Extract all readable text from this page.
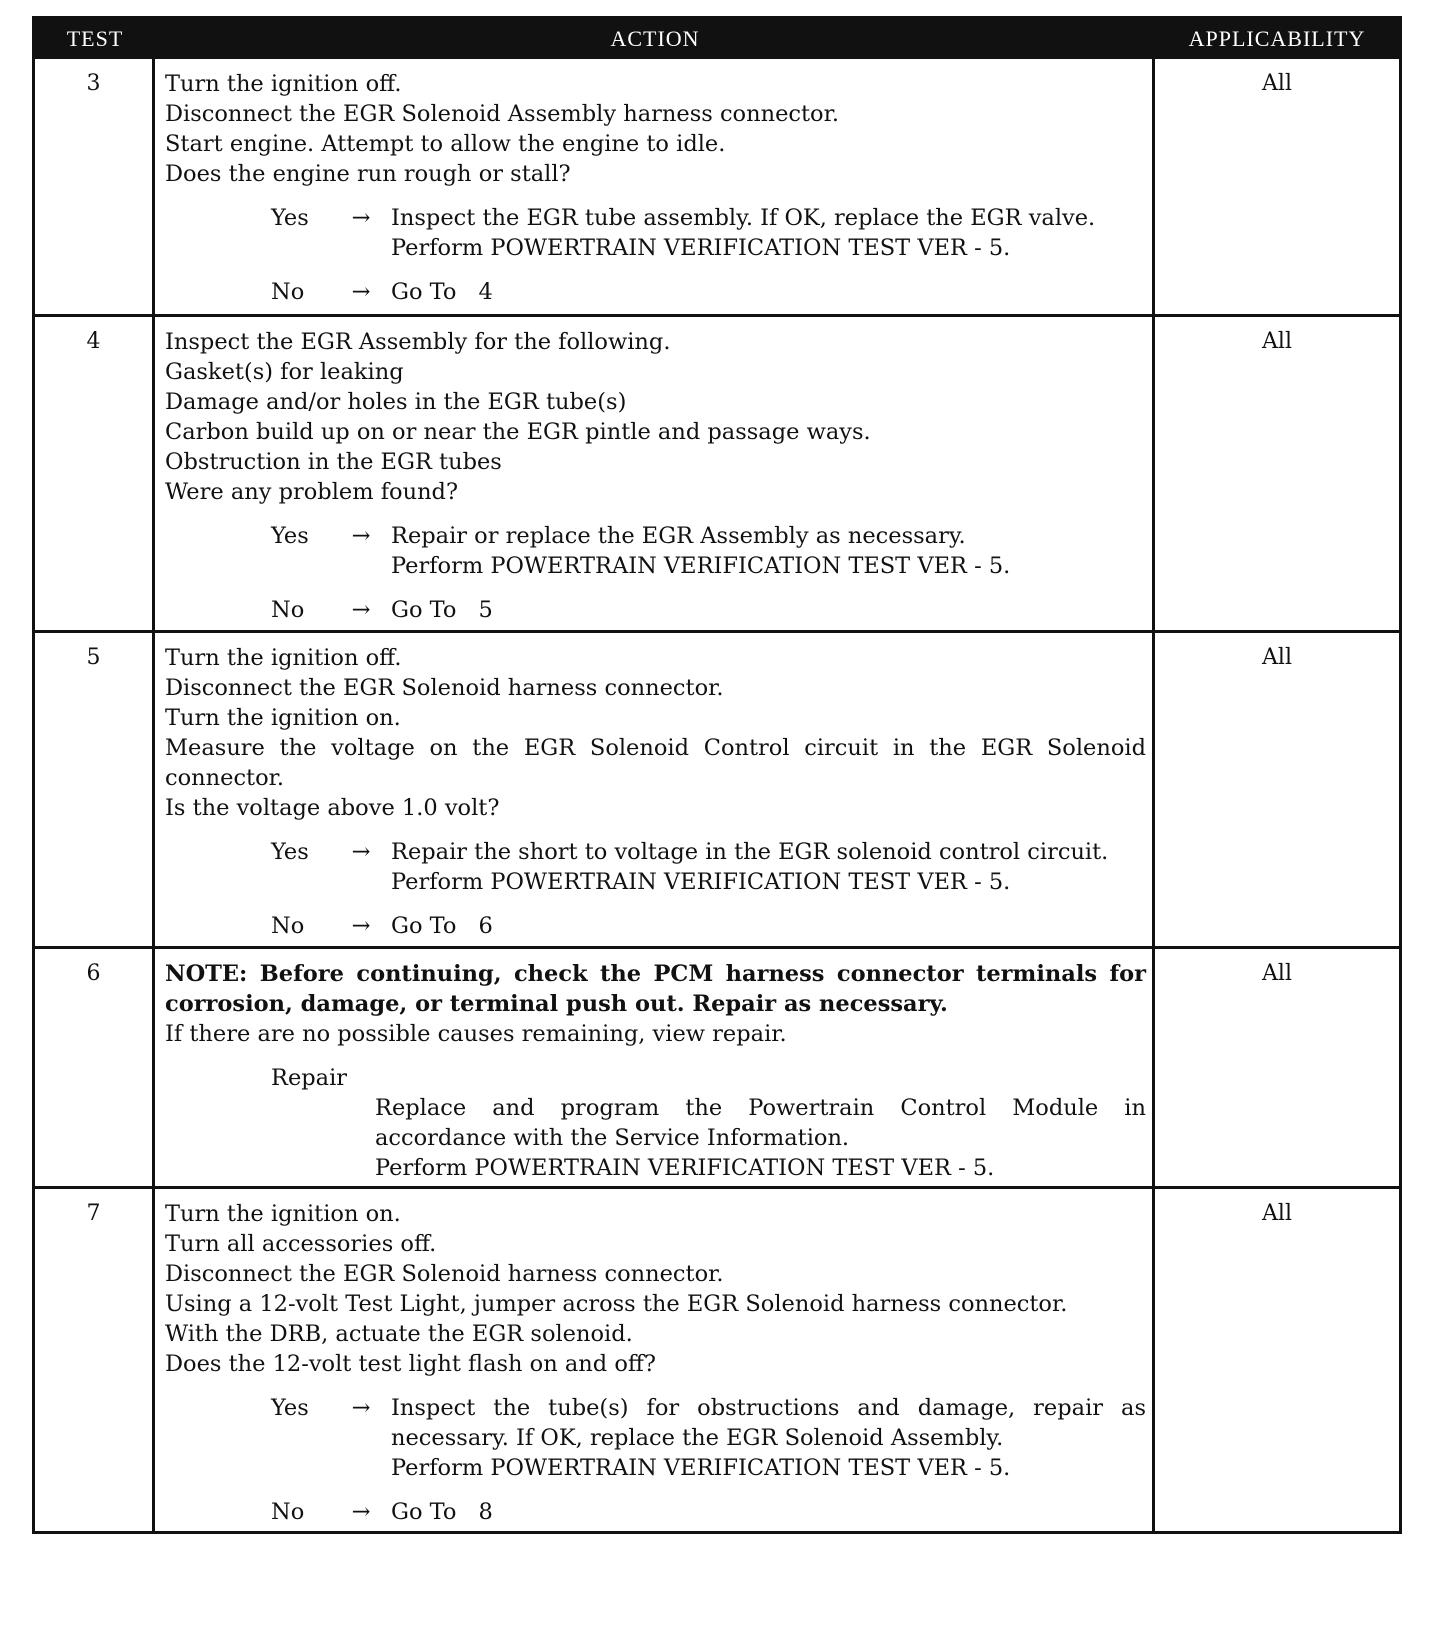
TEST	ACTION	APPLICABILITY
3	Turn the ignition off.
Disconnect the EGR Solenoid Assembly harness connector.
Start engine. Attempt to allow the engine to idle.
Does the engine run rough or stall?
Yes	→ Inspect the EGR tube assembly. If OK, replace the EGR valve.
Perform POWERTRAIN VERIFICATION TEST VER - 5.
No	→ Go To 4
All
4	Inspect the EGR Assembly for the following.
Gasket(s) for leaking
Damage and/or holes in the EGR tube(s)
Carbon build up on or near the EGR pintle and passage ways.
Obstruction in the EGR tubes
Were any problem found?
Yes	→ Repair or replace the EGR Assembly as necessary.
Perform POWERTRAIN VERIFICATION TEST VER - 5.
No	→ Go To 5
All
5	Turn the ignition off.
Disconnect the EGR Solenoid harness connector.
Turn the ignition on.
Measure the voltage on the EGR Solenoid Control circuit in the EGR Solenoid connector.
Is the voltage above 1.0 volt?
Yes	→ Repair the short to voltage in the EGR solenoid control circuit.
Perform POWERTRAIN VERIFICATION TEST VER - 5.
No	→ Go To 6
All
6	NOTE: Before continuing, check the PCM harness connector terminals for corrosion, damage, or terminal push out. Repair as necessary.
If there are no possible causes remaining, view repair.
Repair
Replace and program the Powertrain Control Module in accordance with the Service Information.
Perform POWERTRAIN VERIFICATION TEST VER - 5.
All
7	Turn the ignition on.
Turn all accessories off.
Disconnect the EGR Solenoid harness connector.
Using a 12-volt Test Light, jumper across the EGR Solenoid harness connector.
With the DRB, actuate the EGR solenoid.
Does the 12-volt test light flash on and off?
Yes	→ Inspect the tube(s) for obstructions and damage, repair as necessary. If OK, replace the EGR Solenoid Assembly.
Perform POWERTRAIN VERIFICATION TEST VER - 5.
No	→ Go To 8
All
